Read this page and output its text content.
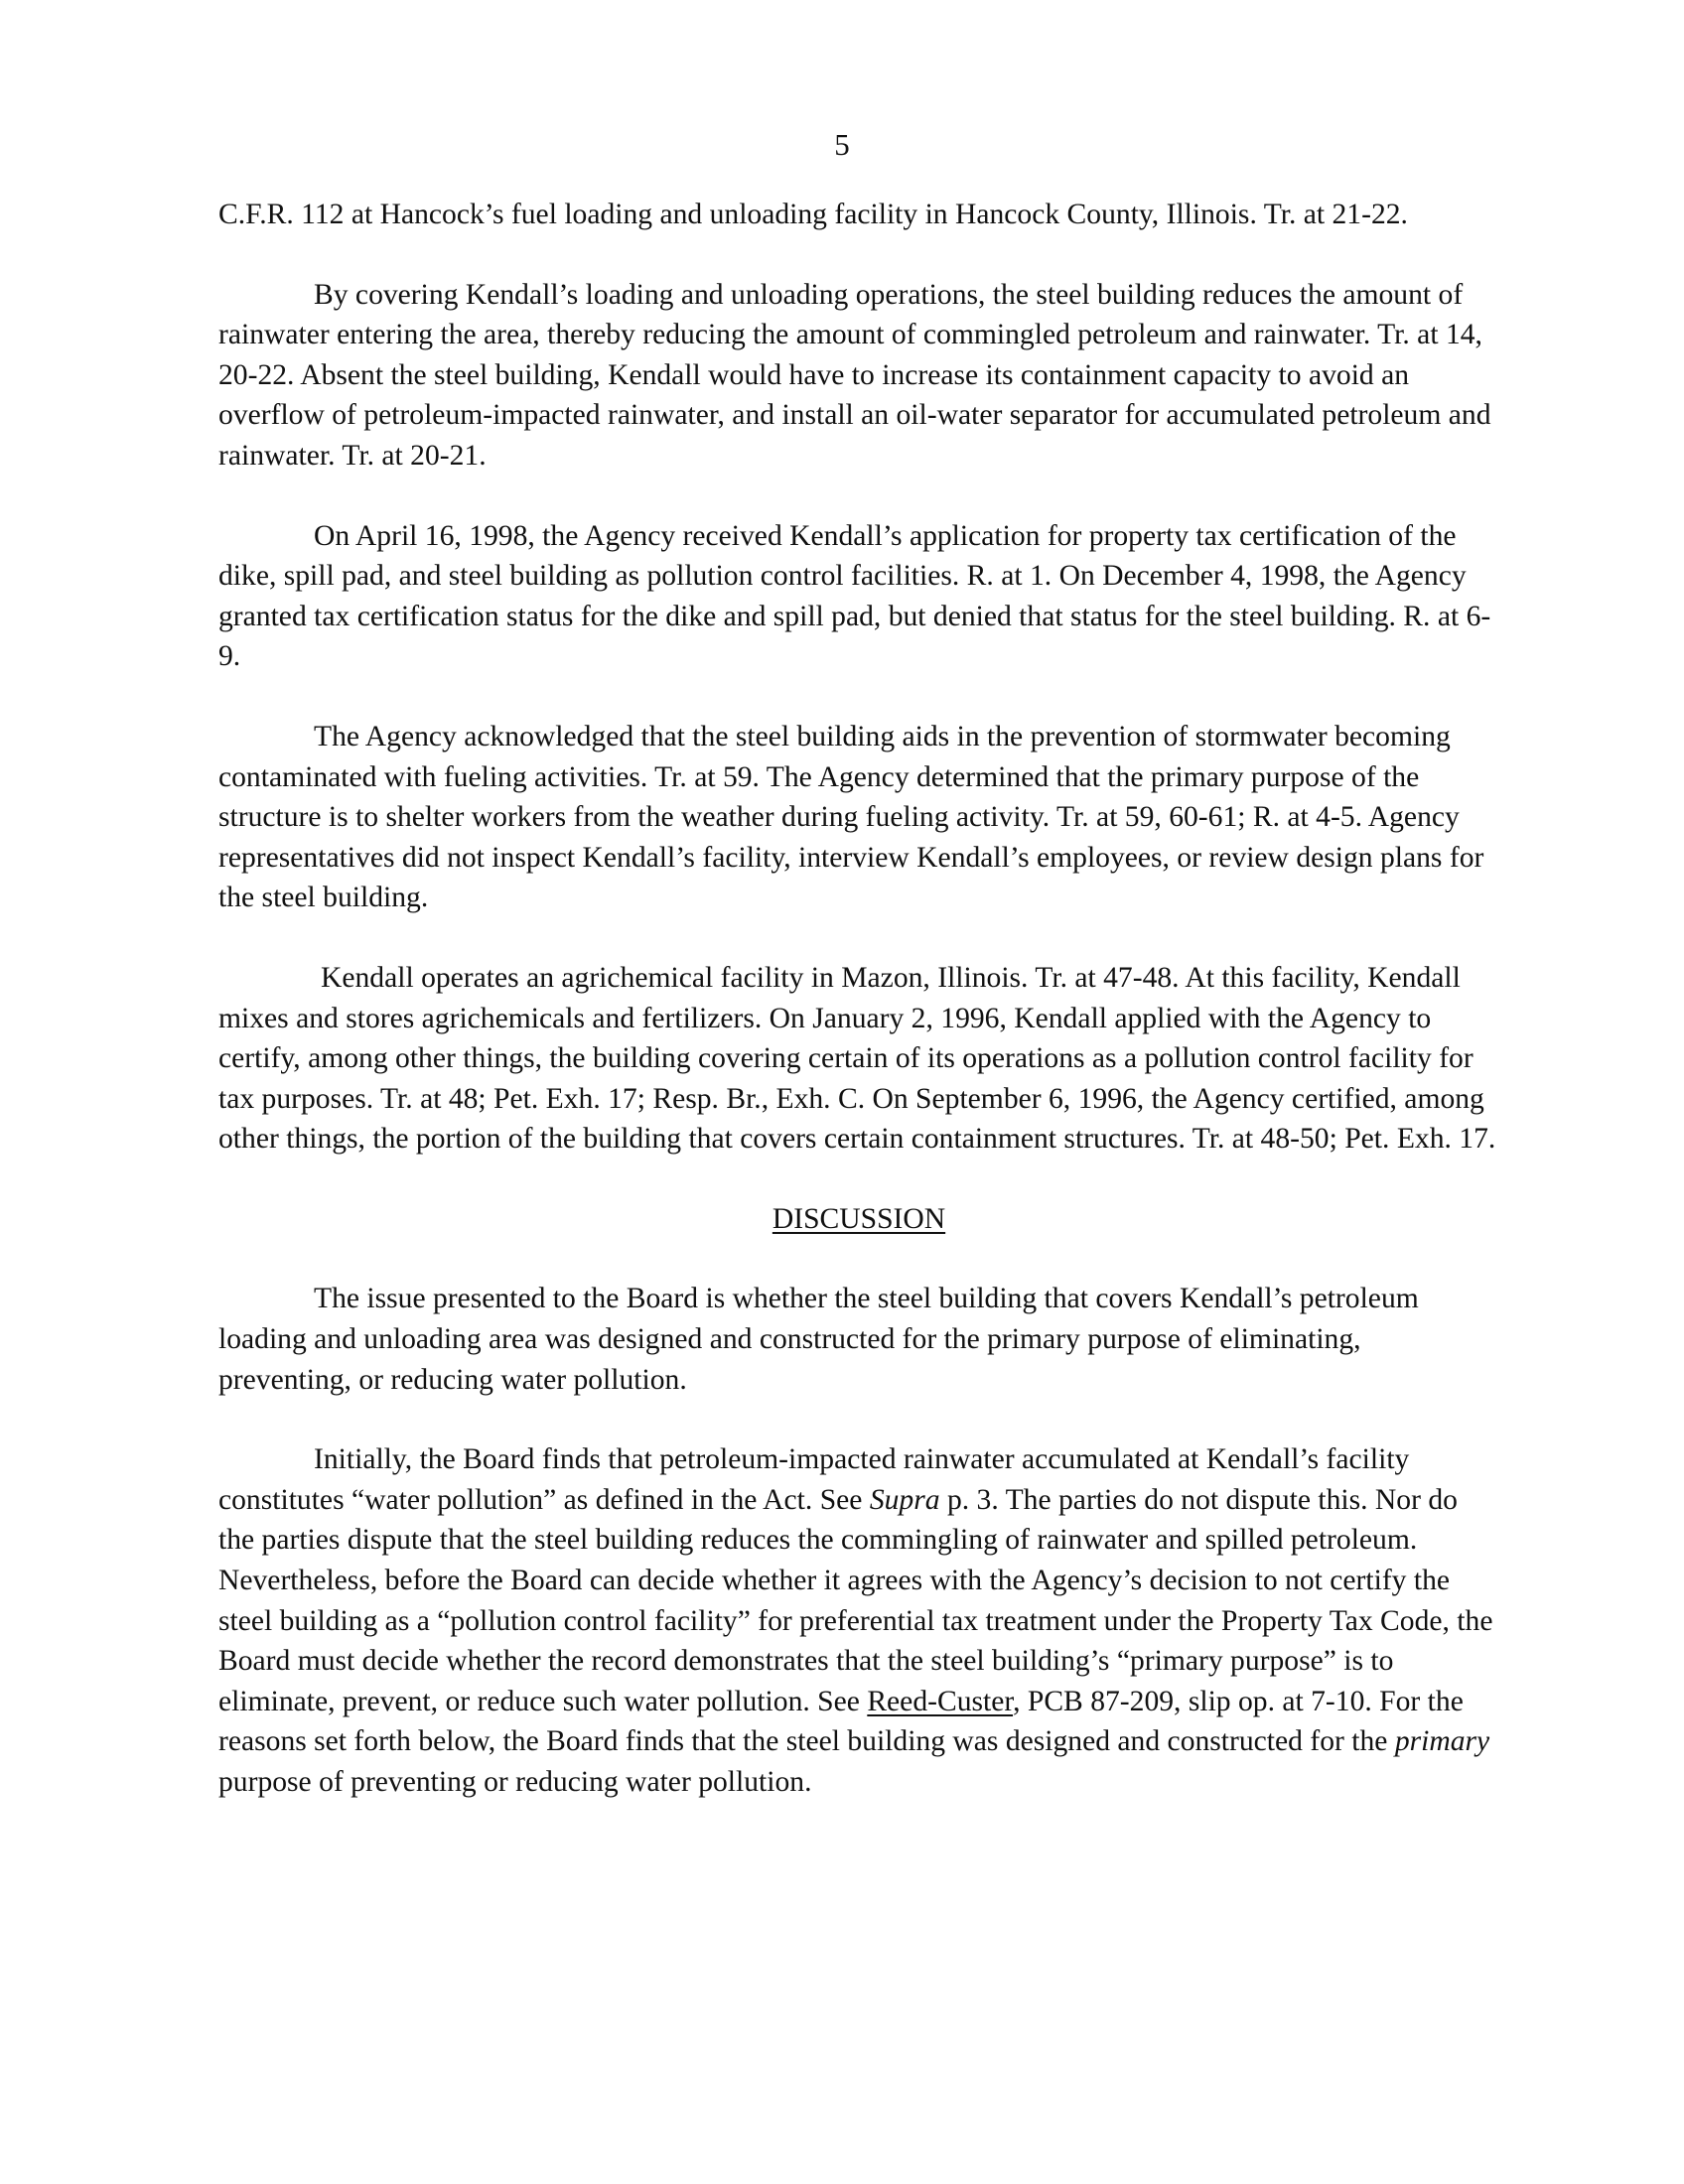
5

C.F.R. 112 at Hancock’s fuel loading and unloading facility in Hancock County, Illinois. Tr. at 21-22.

By covering Kendall’s loading and unloading operations, the steel building reduces the amount of rainwater entering the area, thereby reducing the amount of commingled petroleum and rainwater. Tr. at 14, 20-22. Absent the steel building, Kendall would have to increase its containment capacity to avoid an overflow of petroleum-impacted rainwater, and install an oil-water separator for accumulated petroleum and rainwater. Tr. at 20-21.

On April 16, 1998, the Agency received Kendall’s application for property tax certification of the dike, spill pad, and steel building as pollution control facilities. R. at 1. On December 4, 1998, the Agency granted tax certification status for the dike and spill pad, but denied that status for the steel building. R. at 6-9.

The Agency acknowledged that the steel building aids in the prevention of stormwater becoming contaminated with fueling activities. Tr. at 59. The Agency determined that the primary purpose of the structure is to shelter workers from the weather during fueling activity. Tr. at 59, 60-61; R. at 4-5. Agency representatives did not inspect Kendall’s facility, interview Kendall’s employees, or review design plans for the steel building.

Kendall operates an agrichemical facility in Mazon, Illinois. Tr. at 47-48. At this facility, Kendall mixes and stores agrichemicals and fertilizers. On January 2, 1996, Kendall applied with the Agency to certify, among other things, the building covering certain of its operations as a pollution control facility for tax purposes. Tr. at 48; Pet. Exh. 17; Resp. Br., Exh. C. On September 6, 1996, the Agency certified, among other things, the portion of the building that covers certain containment structures. Tr. at 48-50; Pet. Exh. 17.

DISCUSSION

The issue presented to the Board is whether the steel building that covers Kendall’s petroleum loading and unloading area was designed and constructed for the primary purpose of eliminating, preventing, or reducing water pollution.

Initially, the Board finds that petroleum-impacted rainwater accumulated at Kendall’s facility constitutes “water pollution” as defined in the Act. See Supra p. 3. The parties do not dispute this. Nor do the parties dispute that the steel building reduces the commingling of rainwater and spilled petroleum. Nevertheless, before the Board can decide whether it agrees with the Agency’s decision to not certify the steel building as a “pollution control facility” for preferential tax treatment under the Property Tax Code, the Board must decide whether the record demonstrates that the steel building’s “primary purpose” is to eliminate, prevent, or reduce such water pollution. See Reed-Custer, PCB 87-209, slip op. at 7-10. For the reasons set forth below, the Board finds that the steel building was designed and constructed for the primary purpose of preventing or reducing water pollution.
